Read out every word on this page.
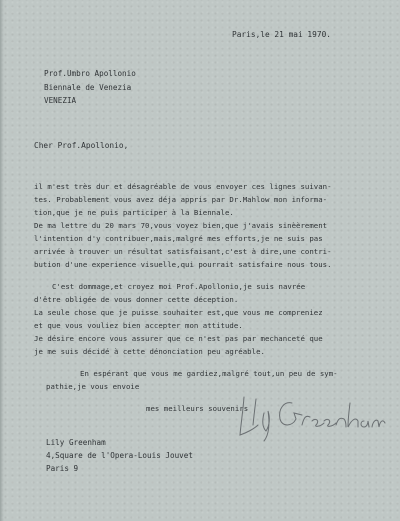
Paris,le 21 mai 1970.
Prof.Umbro Apollonio
Biennale de Venezia
VENEZIA
Cher Prof.Apollonio,
il m'est très dur et désagréable de vous envoyer ces lignes suivan-
tes. Probablement vous avez déja appris par Dr.Mahlow mon informa-
tion,que je ne puis participer à la Biennale.
De ma lettre du 20 mars 70,vous voyez bien,que j'avais sinèèrement
l'intention d'y contribuer,mais,malgré mes efforts,je ne suis pas
arrivée à trouver un résultat satisfaisant,c'est à dire,une contri-
bution d'une experience visuelle,qui pourrait satisfaire nous tous.
C'est dommage,et croyez moi Prof.Apollonio,je suis navrée
d'être obligée de vous donner cette déception.
La seule chose que je puisse souhaiter est,que vous me compreniez
et que vous vouliez bien accepter mon attitude.
Je désire encore vous assurer que ce n'est pas par mechanceté que
je me suis décidé à cette dénonciation peu agréable.
En espérant que vous me gardiez,malgré tout,un peu de sym-
pathie,je vous envoie
mes meilleurs souvenirs
Lily Greenham
4,Square de l'Opera-Louis Jouvet
Paris 9
